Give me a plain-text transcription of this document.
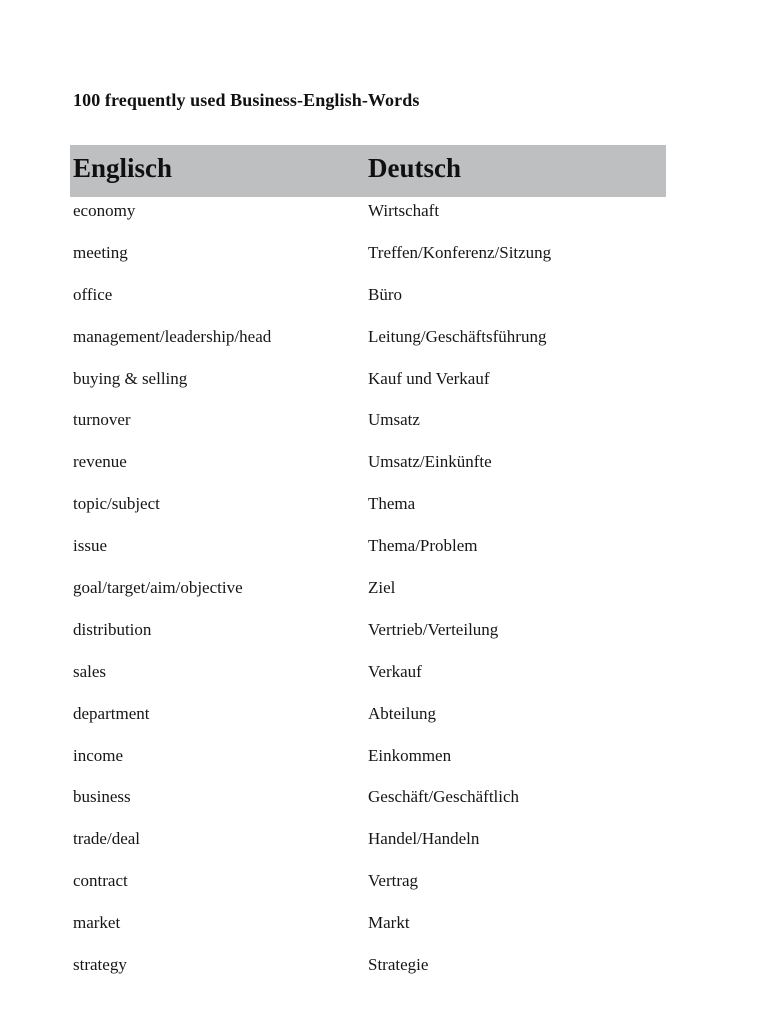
100 frequently used Business-English-Words
Englisch	Deutsch
economy	Wirtschaft
meeting	Treffen/Konferenz/Sitzung
office	Büro
management/leadership/head	Leitung/Geschäftsführung
buying & selling	Kauf und Verkauf
turnover	Umsatz
revenue	Umsatz/Einkünfte
topic/subject	Thema
issue	Thema/Problem
goal/target/aim/objective	Ziel
distribution	Vertrieb/Verteilung
sales	Verkauf
department	Abteilung
income	Einkommen
business	Geschäft/Geschäftlich
trade/deal	Handel/Handeln
contract	Vertrag
market	Markt
strategy	Strategie
